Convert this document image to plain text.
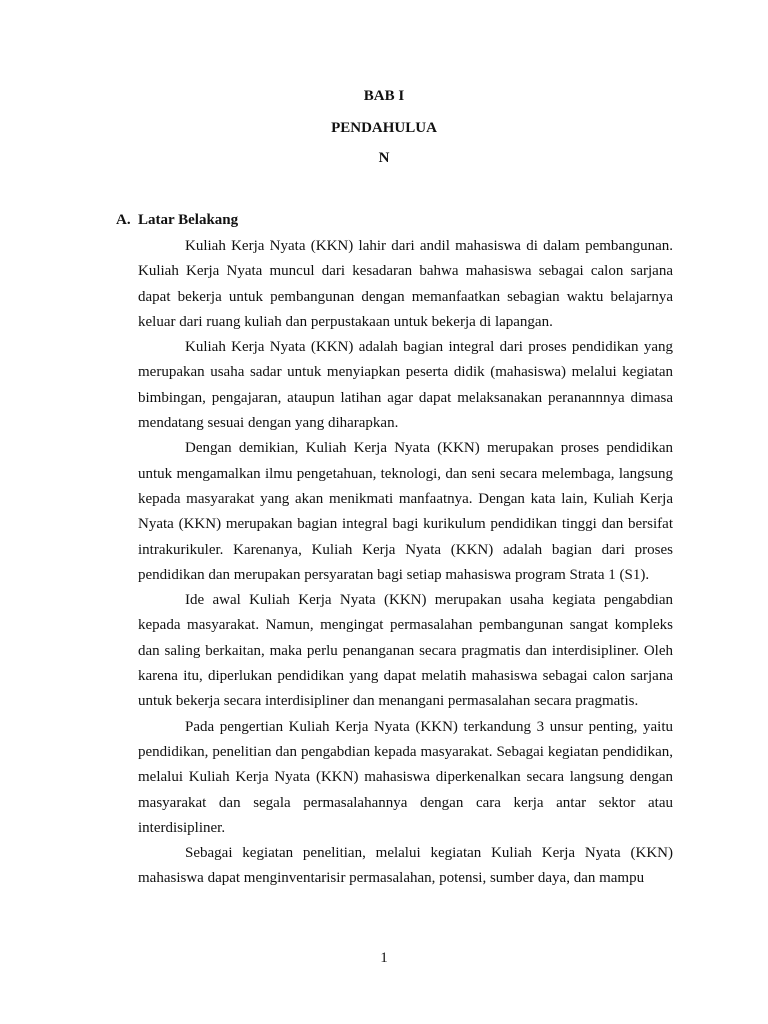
BAB I
PENDAHULUA
N
A. Latar Belakang

Kuliah Kerja Nyata (KKN) lahir dari andil mahasiswa di dalam pembangunan. Kuliah Kerja Nyata muncul dari kesadaran bahwa mahasiswa sebagai calon sarjana dapat bekerja untuk pembangunan dengan memanfaatkan sebagian waktu belajarnya keluar dari ruang kuliah dan perpustakaan untuk bekerja di lapangan.

Kuliah Kerja Nyata (KKN) adalah bagian integral dari proses pendidikan yang merupakan usaha sadar untuk menyiapkan peserta didik (mahasiswa) melalui kegiatan bimbingan, pengajaran, ataupun latihan agar dapat melaksanakan peranannnya dimasa mendatang sesuai dengan yang diharapkan.

Dengan demikian, Kuliah Kerja Nyata (KKN) merupakan proses pendidikan untuk mengamalkan ilmu pengetahuan, teknologi, dan seni secara melembaga, langsung kepada masyarakat yang akan menikmati manfaatnya. Dengan kata lain, Kuliah Kerja Nyata (KKN) merupakan bagian integral bagi kurikulum pendidikan tinggi dan bersifat intrakurikuler. Karenanya, Kuliah Kerja Nyata (KKN) adalah bagian dari proses pendidikan dan merupakan persyaratan bagi setiap mahasiswa program Strata 1 (S1).

Ide awal Kuliah Kerja Nyata (KKN) merupakan usaha kegiata pengabdian kepada masyarakat. Namun, mengingat permasalahan pembangunan sangat kompleks dan saling berkaitan, maka perlu penanganan secara pragmatis dan interdisipliner. Oleh karena itu, diperlukan pendidikan yang dapat melatih mahasiswa sebagai calon sarjana untuk bekerja secara interdisipliner dan menangani permasalahan secara pragmatis.

Pada pengertian Kuliah Kerja Nyata (KKN) terkandung 3 unsur penting, yaitu pendidikan, penelitian dan pengabdian kepada masyarakat. Sebagai kegiatan pendidikan, melalui Kuliah Kerja Nyata (KKN) mahasiswa diperkenalkan secara langsung dengan masyarakat dan segala permasalahannya dengan cara kerja antar sektor atau interdisipliner.

Sebagai kegiatan penelitian, melalui kegiatan Kuliah Kerja Nyata (KKN) mahasiswa dapat menginventarisir permasalahan, potensi, sumber daya, dan mampu

1
